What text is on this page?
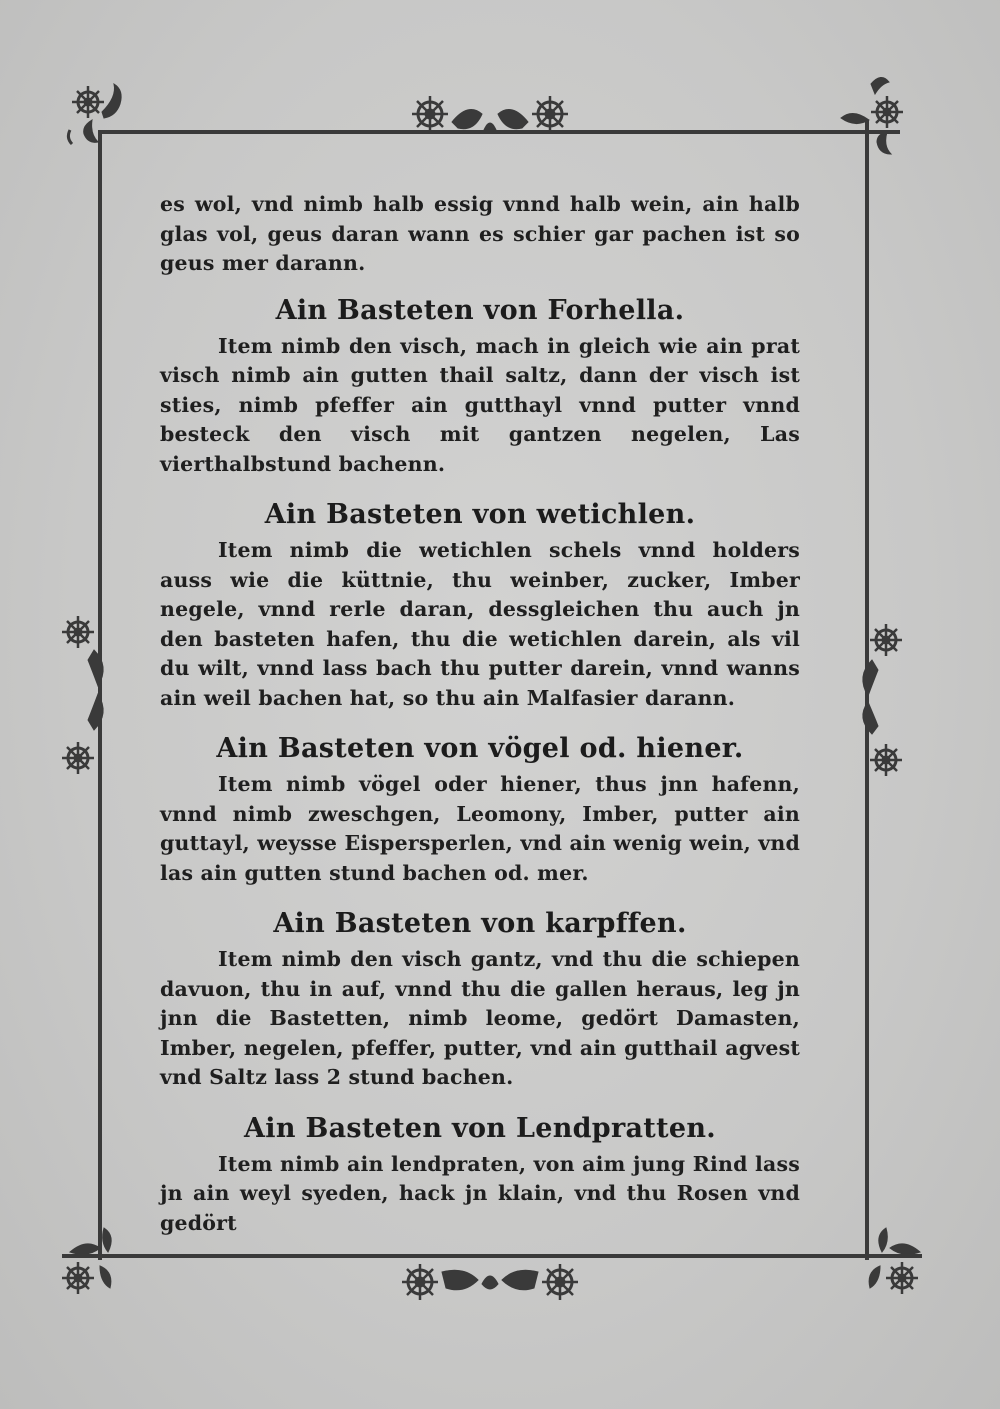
es wol, vnd nimb halb essig vnnd halb wein, ain halb glas vol, geus daran wann es schier gar pachen ist so geus mer darann.

Ain Basteten von Forhella.

Item nimb den visch, mach in gleich wie ain prat visch nimb ain gutten thail saltz, dann der visch ist sties, nimb pfeffer ain gutthayl vnnd putter vnnd besteck den visch mit gantzen negelen, Las vierthalbstund bachenn.

Ain Basteten von wetichlen.

Item nimb die wetichlen schels vnnd holders auss wie die küttnie, thu weinber, zucker, Imber negele, vnnd rerle daran, dessgleichen thu auch jn den basteten hafen, thu die wetichlen darein, als vil du wilt, vnnd lass bach thu putter darein, vnnd wanns ain weil bachen hat, so thu ain Malfasier darann.

Ain Basteten von vögel od. hiener.

Item nimb vögel oder hiener, thus jnn hafenn, vnnd nimb zweschgen, Leomony, Imber, putter ain guttayl, weysse Eispersperlen, vnd ain wenig wein, vnd las ain gutten stund bachen od. mer.

Ain Basteten von karpffen.

Item nimb den visch gantz, vnd thu die schiepen davuon, thu in auf, vnnd thu die gallen heraus, leg jn jnn die Bastetten, nimb leome, gedört Damasten, Imber, negelen, pfeffer, putter, vnd ain gutthail agvest vnd Saltz lass 2 stund bachen.

Ain Basteten von Lendpratten.

Item nimb ain lendpraten, von aim jung Rind lass jn ain weyl syeden, hack jn klain, vnd thu Rosen vnd gedört
